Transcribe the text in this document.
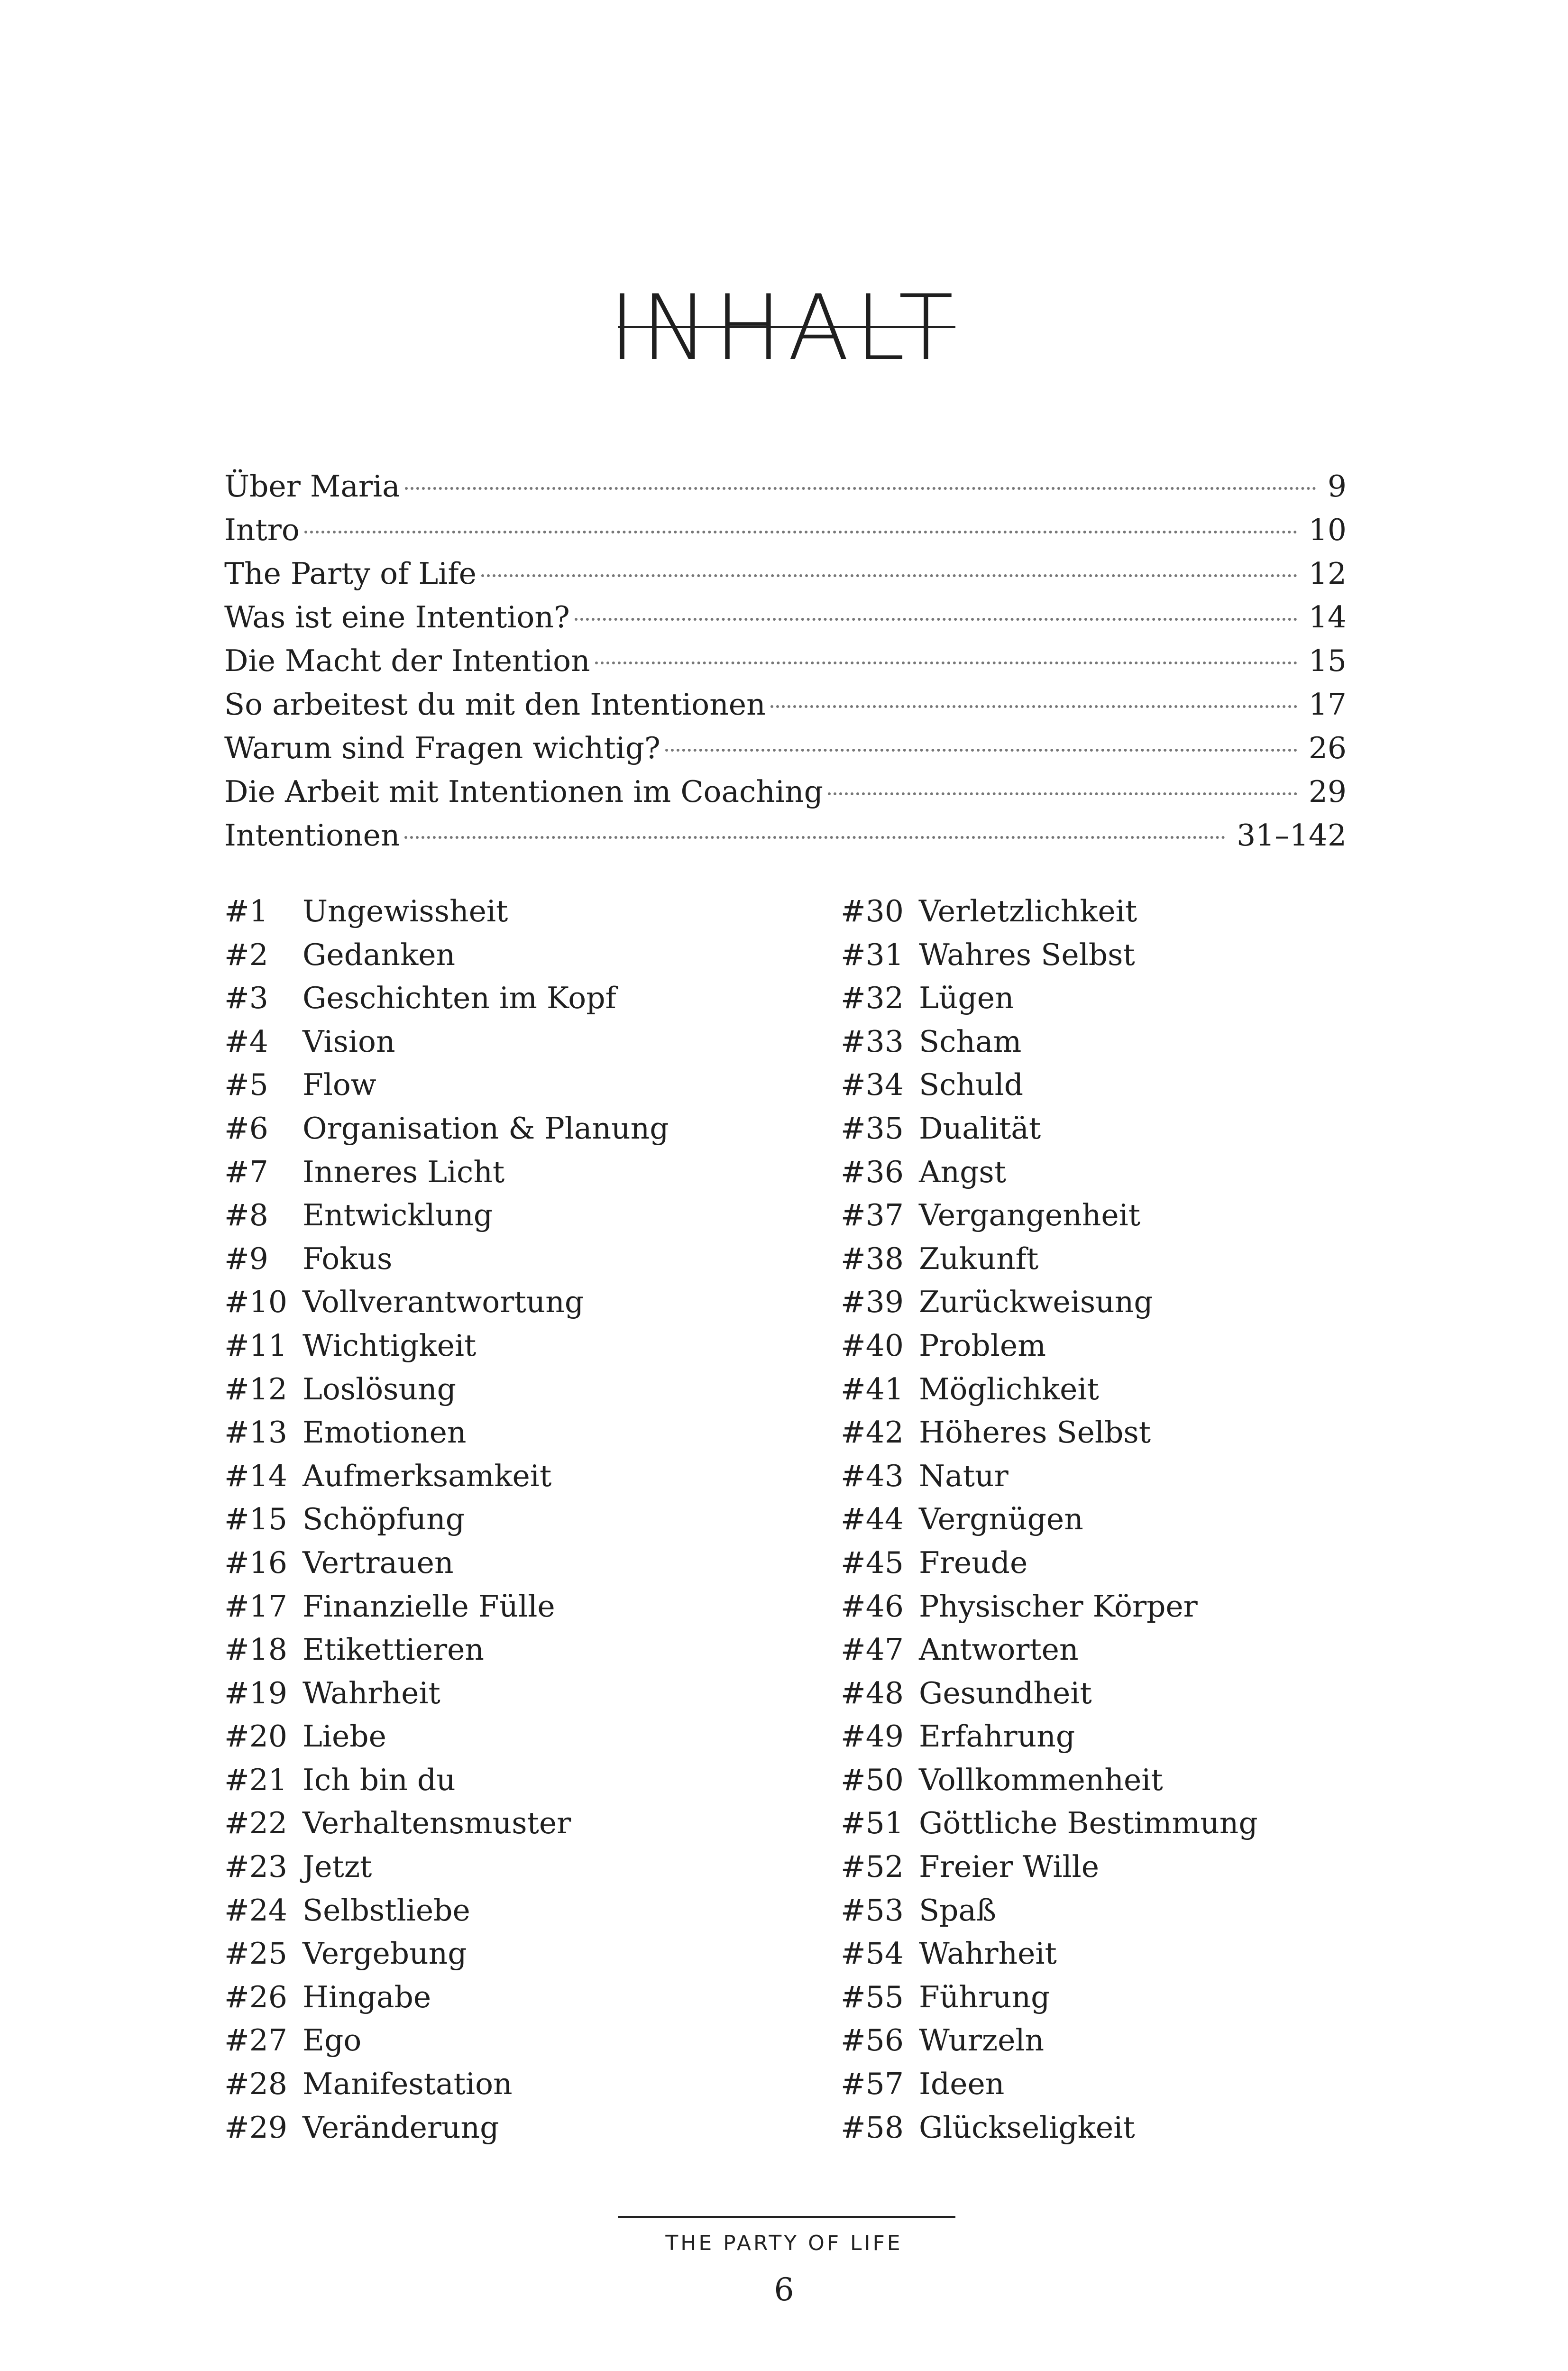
INHALT
Über Maria	9
Intro	10
The Party of Life	12
Was ist eine Intention?	14
Die Macht der Intention	15
So arbeitest du mit den Intentionen	17
Warum sind Fragen wichtig?	26
Die Arbeit mit Intentionen im Coaching	29
Intentionen	31–142
#1	Ungewissheit
#2	Gedanken
#3	Geschichten im Kopf
#4	Vision
#5	Flow
#6	Organisation & Planung
#7	Inneres Licht
#8	Entwicklung
#9	Fokus
#10 Vollverantwortung
#11 Wichtigkeit
#12 Loslösung
#13 Emotionen
#14 Aufmerksamkeit
#15 Schöpfung
#16 Vertrauen
#17 Finanzielle Fülle
#18 Etikettieren
#19 Wahrheit
#20 Liebe
#21 Ich bin du
#22 Verhaltensmuster
#23 Jetzt
#24 Selbstliebe
#25 Vergebung
#26 Hingabe
#27 Ego
#28 Manifestation
#29 Veränderung
#30 Verletzlichkeit
#31 Wahres Selbst
#32 Lügen
#33 Scham
#34 Schuld
#35 Dualität
#36 Angst
#37 Vergangenheit
#38 Zukunft
#39 Zurückweisung
#40 Problem
#41 Möglichkeit
#42 Höheres Selbst
#43 Natur
#44 Vergnügen
#45 Freude
#46 Physischer Körper
#47 Antworten
#48 Gesundheit
#49 Erfahrung
#50 Vollkommenheit
#51 Göttliche Bestimmung
#52 Freier Wille
#53 Spaß
#54 Wahrheit
#55 Führung
#56 Wurzeln
#57 Ideen
#58 Glückseligkeit
THE PARTY OF LIFE
6
